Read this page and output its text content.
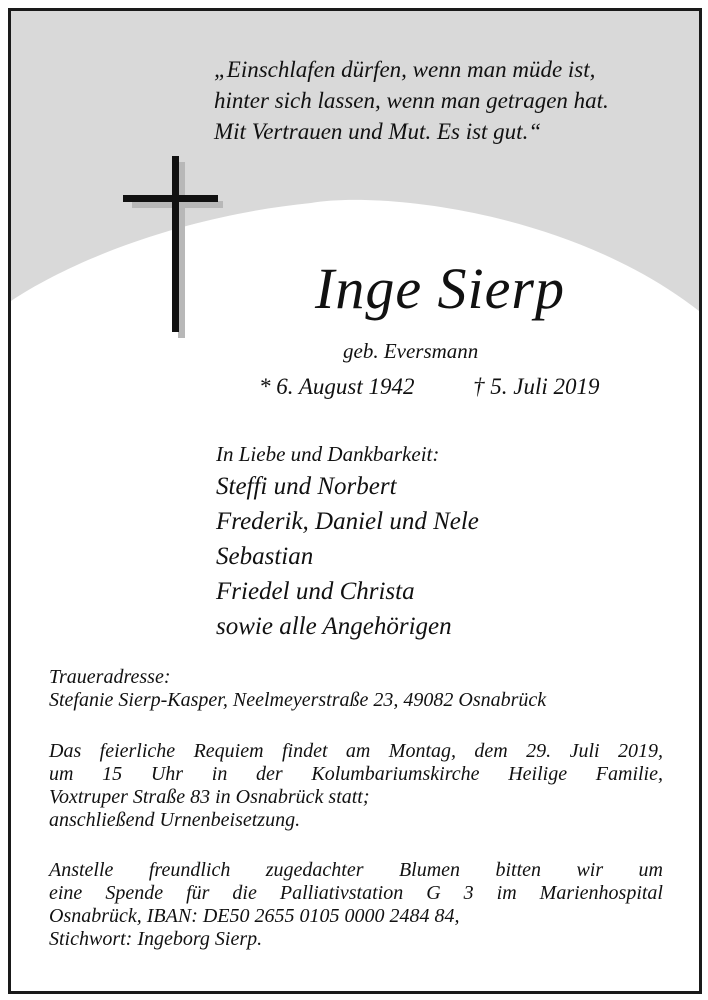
„Einschlafen dürfen, wenn man müde ist,
hinter sich lassen, wenn man getragen hat.
Mit Vertrauen und Mut. Es ist gut.“
Inge Sierp
geb. Eversmann
* 6. August 1942	† 5. Juli 2019
In Liebe und Dankbarkeit:
Steffi und Norbert
Frederik, Daniel und Nele
Sebastian
Friedel und Christa
sowie alle Angehörigen
Traueradresse:
Stefanie Sierp-Kasper, Neelmeyerstraße 23, 49082 Osnabrück
Das feierliche Requiem findet am Montag, dem 29. Juli 2019,
um 15 Uhr in der Kolumbariumskirche Heilige Familie,
Voxtruper Straße 83 in Osnabrück statt;
anschließend Urnenbeisetzung.
Anstelle freundlich zugedachter Blumen bitten wir um
eine Spende für die Palliativstation G 3 im Marienhospital
Osnabrück, IBAN: DE50 2655 0105 0000 2484 84,
Stichwort: Ingeborg Sierp.
